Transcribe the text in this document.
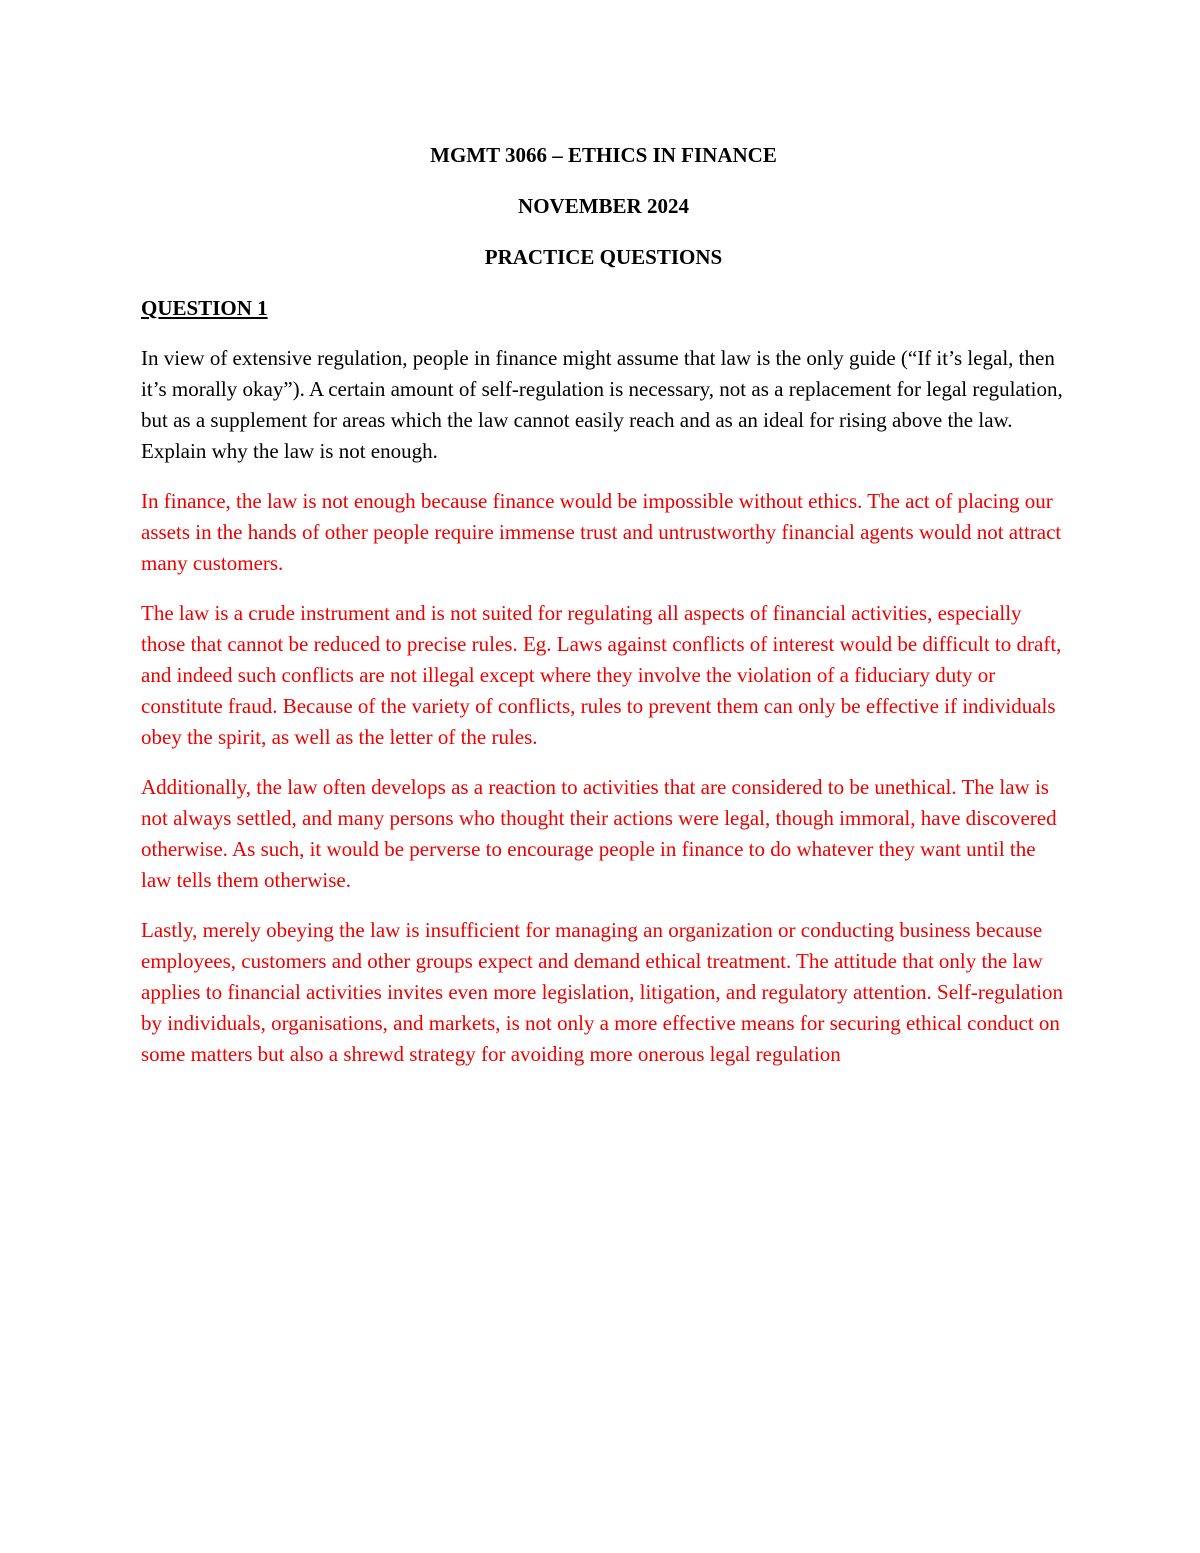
MGMT 3066 – ETHICS IN FINANCE
NOVEMBER 2024
PRACTICE QUESTIONS
QUESTION 1

In view of extensive regulation, people in finance might assume that law is the only guide (“If it’s legal, then it’s morally okay”). A certain amount of self-regulation is necessary, not as a replacement for legal regulation, but as a supplement for areas which the law cannot easily reach and as an ideal for rising above the law. Explain why the law is not enough.

In finance, the law is not enough because finance would be impossible without ethics. The act of placing our assets in the hands of other people require immense trust and untrustworthy financial agents would not attract many customers.

The law is a crude instrument and is not suited for regulating all aspects of financial activities, especially those that cannot be reduced to precise rules. Eg. Laws against conflicts of interest would be difficult to draft, and indeed such conflicts are not illegal except where they involve the violation of a fiduciary duty or constitute fraud. Because of the variety of conflicts, rules to prevent them can only be effective if individuals obey the spirit, as well as the letter of the rules.

Additionally, the law often develops as a reaction to activities that are considered to be unethical. The law is not always settled, and many persons who thought their actions were legal, though immoral, have discovered otherwise. As such, it would be perverse to encourage people in finance to do whatever they want until the law tells them otherwise.

Lastly, merely obeying the law is insufficient for managing an organization or conducting business because employees, customers and other groups expect and demand ethical treatment. The attitude that only the law applies to financial activities invites even more legislation, litigation, and regulatory attention. Self-regulation by individuals, organisations, and markets, is not only a more effective means for securing ethical conduct on some matters but also a shrewd strategy for avoiding more onerous legal regulation
